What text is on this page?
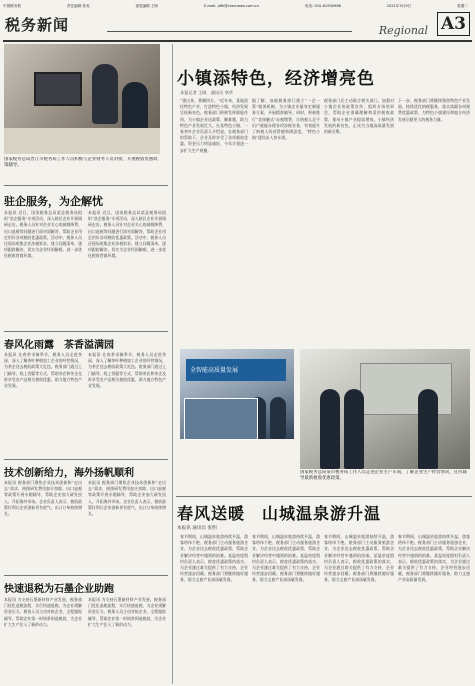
中国税务报	责任编辑 张英	视觉编辑 王盼	E-mail: jdfk@ctaxnews.com.cn	电话: 010-61930966	2021年3月9日	星期二
税务新闻	Regional A3
国家税务总局晋江市税务局工作人员积极与企业财务人员对接，开展税收优惠政策辅导。
驻企服务，为企解忧
本报讯 近日，国家税务总局某县税务局组织“驻企服务”专项活动，深入辖区企业开展调研走访。税务人员针对企业关心的减税降费、出口退税等问题进行面对面解答，帮助企业用足用好各项税收优惠政策。活动中，税务人员还现场收集企业涉税诉求，建立问题清单，逐项跟踪解决，切实为企业纾困解难，进一步优化税收营商环境。
本报讯 近日，国家税务总局某县税务局组织“驻企服务”专项活动，深入辖区企业开展调研走访。税务人员针对企业关心的减税降费、出口退税等问题进行面对面解答，帮助企业用足用好各项税收优惠政策。活动中，税务人员还现场收集企业涉税诉求，建立问题清单，逐项跟踪解决，切实为企业纾困解难，进一步优化税收营商环境。
春风化雨露　茶香溢满园
本报讯 在春茶采摘季节，税务人员走进茶园，深入了解茶叶种植加工企业的经营情况，为茶企送去税收政策大礼包。税务部门通过上门辅导、线上答疑等方式，帮助茶农和茶企及时享受农产品相关税收优惠，助力地方特色产业发展。
本报讯 在春茶采摘季节，税务人员走进茶园，深入了解茶叶种植加工企业的经营情况，为茶企送去税收政策大礼包。税务部门通过上门辅导、线上答疑等方式，帮助茶农和茶企及时享受农产品相关税收优惠，助力地方特色产业发展。
技术创新给力，海外扬帆顺利
本报讯 税务部门聚焦企业技术创新和“走出去”需求，围绕研发费用加计扣除、出口退税等政策开展专题辅导，帮助企业加大研发投入、开拓海外市场。企业负责人表示，税收政策红利让企业创新更有底气，出口订单持续增长。
本报讯 税务部门聚焦企业技术创新和“走出去”需求，围绕研发费用加计扣除、出口退税等政策开展专题辅导，帮助企业加大研发投入、开拓海外市场。企业负责人表示，税收政策红利让企业创新更有底气，出口订单持续增长。
快速退税为石墨企业助跑
本报讯 为支持石墨新材料产业发展，税务部门优化退税流程，实行快速退税，为企业缓解资金压力。税务人员主动对接企业，全程跟踪辅导，帮助企业第一时间拿到退税款，为企业扩大生产注入了新的动力。
本报讯 为支持石墨新材料产业发展，税务部门优化退税流程，实行快速退税，为企业缓解资金压力。税务人员主动对接企业，全程跟踪辅导，帮助企业第一时间拿到退税款，为企业扩大生产注入了新的动力。
小镇添特色，经济增亮色
本报记者 王晓　通讯员 李华
“建山茶，香飘四方。”近年来，某地依托特色产业，打造特色小镇，经济发展呈现新亮色。税务部门积极发挥职能作用，为小镇企业送政策、解难题，助力特色产业发展壮大。在某特色小镇，一家茶叶企业负责人介绍说，在税务部门的帮助下，企业及时享受了各项税收优惠，资金压力明显减轻，今年计划进一步扩大生产规模。
据了解，该地税务部门建立“一企一策”服务机制，为小镇企业量身定制服务方案，开展精准辅导。同时，积极推行“非接触式”办税缴费，让纳税人足不出户就能办理各项涉税业务，有效提升了纳税人的获得感和满意度。“特色小镇”建设步入快车道。
税务部门还主动联合相关部门，加强对小镇企业的政策宣传，组织专场培训会，帮助企业准确理解和适用税收政策，推动小镇产业提质增效。小镇经济发展的新亮色，正成为当地高质量发展的新引擎。
下一步，税务部门将继续聚焦特色产业发展，持续优化纳税服务，落实落细各项税费优惠政策，为特色小镇建设和地方经济发展贡献更大的税务力量。
全智能高质量发展
国家税务总局某市税务局工作人员走进企业生产车间，了解企业生产经营情况，宣传辅导最新税收优惠政策。
春风送暖　山城温泉游升温
本报讯 通讯员 张明
春节期间，山城温泉旅游持续升温，游客络绎不绝。税务部门主动服务旅游企业，为企业送去税收优惠政策，帮助企业解决经营中遇到的困难。某温泉度假村负责人表示，税收优惠政策的落实，为企业渡过难关提供了有力支持，企业经营逐步回暖。税务部门将继续做好服务，助力文旅产业高质量发展。
春节期间，山城温泉旅游持续升温，游客络绎不绝。税务部门主动服务旅游企业，为企业送去税收优惠政策，帮助企业解决经营中遇到的困难。某温泉度假村负责人表示，税收优惠政策的落实，为企业渡过难关提供了有力支持，企业经营逐步回暖。税务部门将继续做好服务，助力文旅产业高质量发展。
春节期间，山城温泉旅游持续升温，游客络绎不绝。税务部门主动服务旅游企业，为企业送去税收优惠政策，帮助企业解决经营中遇到的困难。某温泉度假村负责人表示，税收优惠政策的落实，为企业渡过难关提供了有力支持，企业经营逐步回暖。税务部门将继续做好服务，助力文旅产业高质量发展。
春节期间，山城温泉旅游持续升温，游客络绎不绝。税务部门主动服务旅游企业，为企业送去税收优惠政策，帮助企业解决经营中遇到的困难。某温泉度假村负责人表示，税收优惠政策的落实，为企业渡过难关提供了有力支持，企业经营逐步回暖。税务部门将继续做好服务，助力文旅产业高质量发展。
